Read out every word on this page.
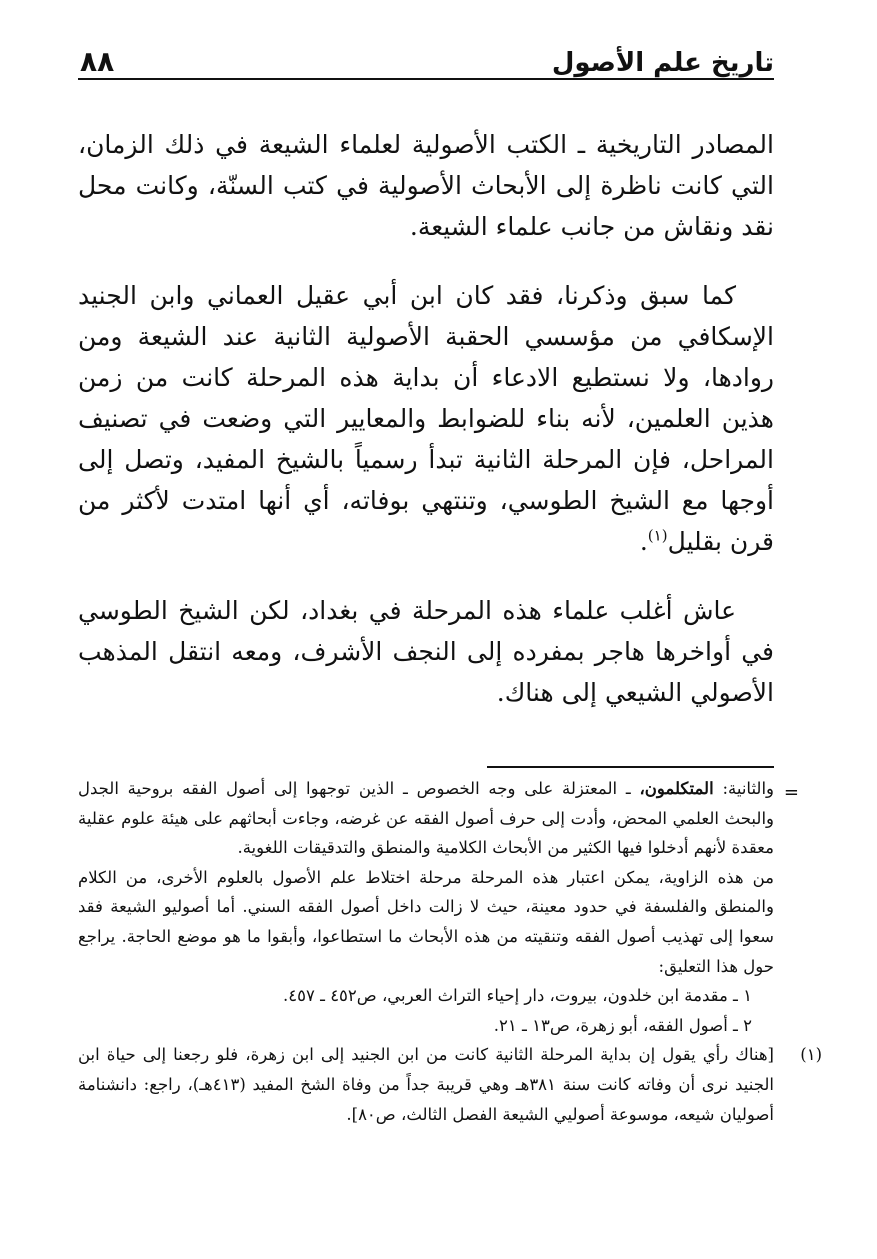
٨٨	تاريخ علم الأصول

المصادر التاريخية ـ الكتب الأصولية لعلماء الشيعة في ذلك الزمان، التي كانت ناظرة إلى الأبحاث الأصولية في كتب السنّة، وكانت محل نقد ونقاش من جانب علماء الشيعة.

كما سبق وذكرنا، فقد كان ابن أبي عقيل العماني وابن الجنيد الإسكافي من مؤسسي الحقبة الأصولية الثانية عند الشيعة ومن روادها، ولا نستطيع الادعاء أن بداية هذه المرحلة كانت من زمن هذين العلمين، لأنه بناء للضوابط والمعايير التي وضعت في تصنيف المراحل، فإن المرحلة الثانية تبدأ رسمياً بالشيخ المفيد، وتصل إلى أوجها مع الشيخ الطوسي، وتنتهي بوفاته، أي أنها امتدت لأكثر من قرن بقليل$^{(١)}$.

عاش أغلب علماء هذه المرحلة في بغداد، لكن الشيخ الطوسي في أواخرها هاجر بمفرده إلى النجف الأشرف، ومعه انتقل المذهب الأصولي الشيعي إلى هناك.

=

والثانية: المتكلمون، ـ المعتزلة على وجه الخصوص ـ الذين توجهوا إلى أصول الفقه بروحية الجدل والبحث العلمي المحض، وأدت إلى حرف أصول الفقه عن غرضه، وجاءت أبحاثهم على هيئة علوم عقلية معقدة لأنهم أدخلوا فيها الكثير من الأبحاث الكلامية والمنطق والتدقيقات اللغوية.

من هذه الزاوية، يمكن اعتبار هذه المرحلة مرحلة اختلاط علم الأصول بالعلوم الأخرى، من الكلام والمنطق والفلسفة في حدود معينة، حيث لا زالت داخل أصول الفقه السني. أما أصوليو الشيعة فقد سعوا إلى تهذيب أصول الفقه وتنقيته من هذه الأبحاث ما استطاعوا، وأبقوا ما هو موضع الحاجة. يراجع حول هذا التعليق:

١ ـ مقدمة ابن خلدون، بيروت، دار إحياء التراث العربي، ص٤٥٢ ـ ٤٥٧.

٢ ـ أصول الفقه، أبو زهرة، ص١٣ ـ ٢١.

(١)
[هناك رأي يقول إن بداية المرحلة الثانية كانت من ابن الجنيد إلى ابن زهرة، فلو رجعنا إلى حياة ابن الجنيد نرى أن وفاته كانت سنة ٣٨١هـ وهي قريبة جداً من وفاة الشخ المفيد (٤١٣هـ)، راجع: دانشنامة أصوليان شيعه، موسوعة أصوليي الشيعة الفصل الثالث، ص٨٠].
